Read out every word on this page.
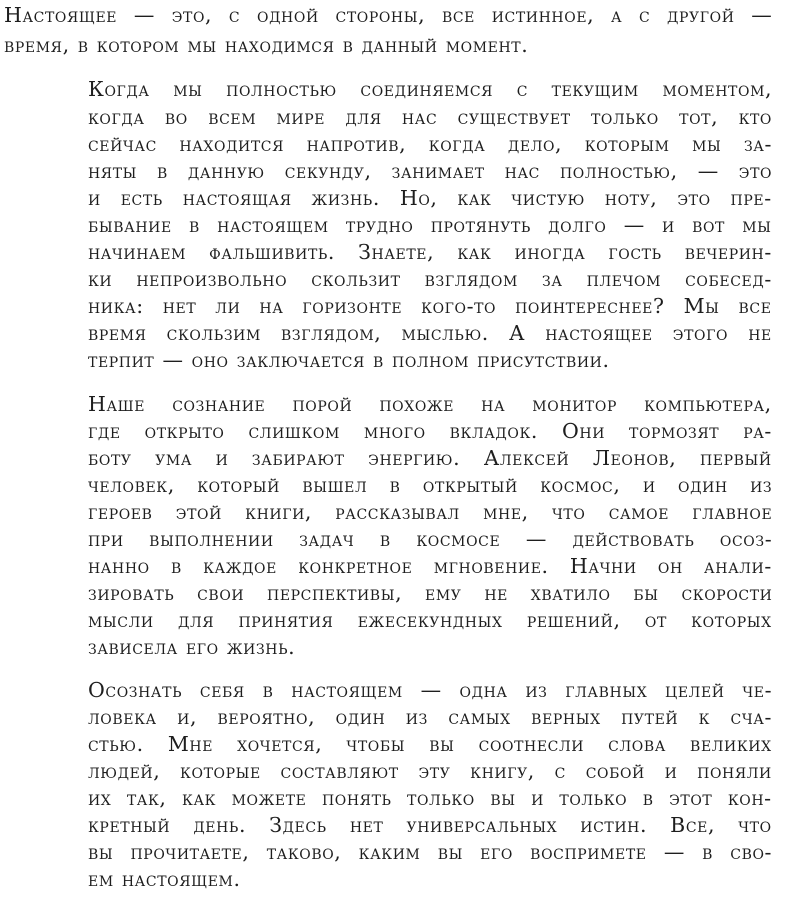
Настоящее — это, с одной стороны, все истинное, а с другой —
время, в котором мы находимся в данный момент.
Когда мы полностью соединяемся с текущим моментом,
когда во всем мире для нас существует только тот, кто
сейчас находится напротив, когда дело, которым мы за-
няты в данную секунду, занимает нас полностью, — это
и есть настоящая жизнь. Но, как чистую ноту, это пре-
бывание в настоящем трудно протянуть долго — и вот мы
начинаем фальшивить. Знаете, как иногда гость вечерин-
ки непроизвольно скользит взглядом за плечом собесед-
ника: нет ли на горизонте кого-то поинтереснее? Мы все
время скользим взглядом, мыслью. А настоящее этого не
терпит — оно заключается в полном присутствии.
Наше сознание порой похоже на монитор компьютера,
где открыто слишком много вкладок. Они тормозят ра-
боту ума и забирают энергию. Алексей Леонов, первый
человек, который вышел в открытый космос, и один из
героев этой книги, рассказывал мне, что самое главное
при выполнении задач в космосе — действовать осоз-
нанно в каждое конкретное мгновение. Начни он анали-
зировать свои перспективы, ему не хватило бы скорости
мысли для принятия ежесекундных решений, от которых
зависела его жизнь.
Осознать себя в настоящем — одна из главных целей че-
ловека и, вероятно, один из самых верных путей к сча-
стью. Мне хочется, чтобы вы соотнесли слова великих
людей, которые составляют эту книгу, с собой и поняли
их так, как можете понять только вы и только в этот кон-
кретный день. Здесь нет универсальных истин. Все, что
вы прочитаете, таково, каким вы его воспримете — в сво-
ем настоящем.
